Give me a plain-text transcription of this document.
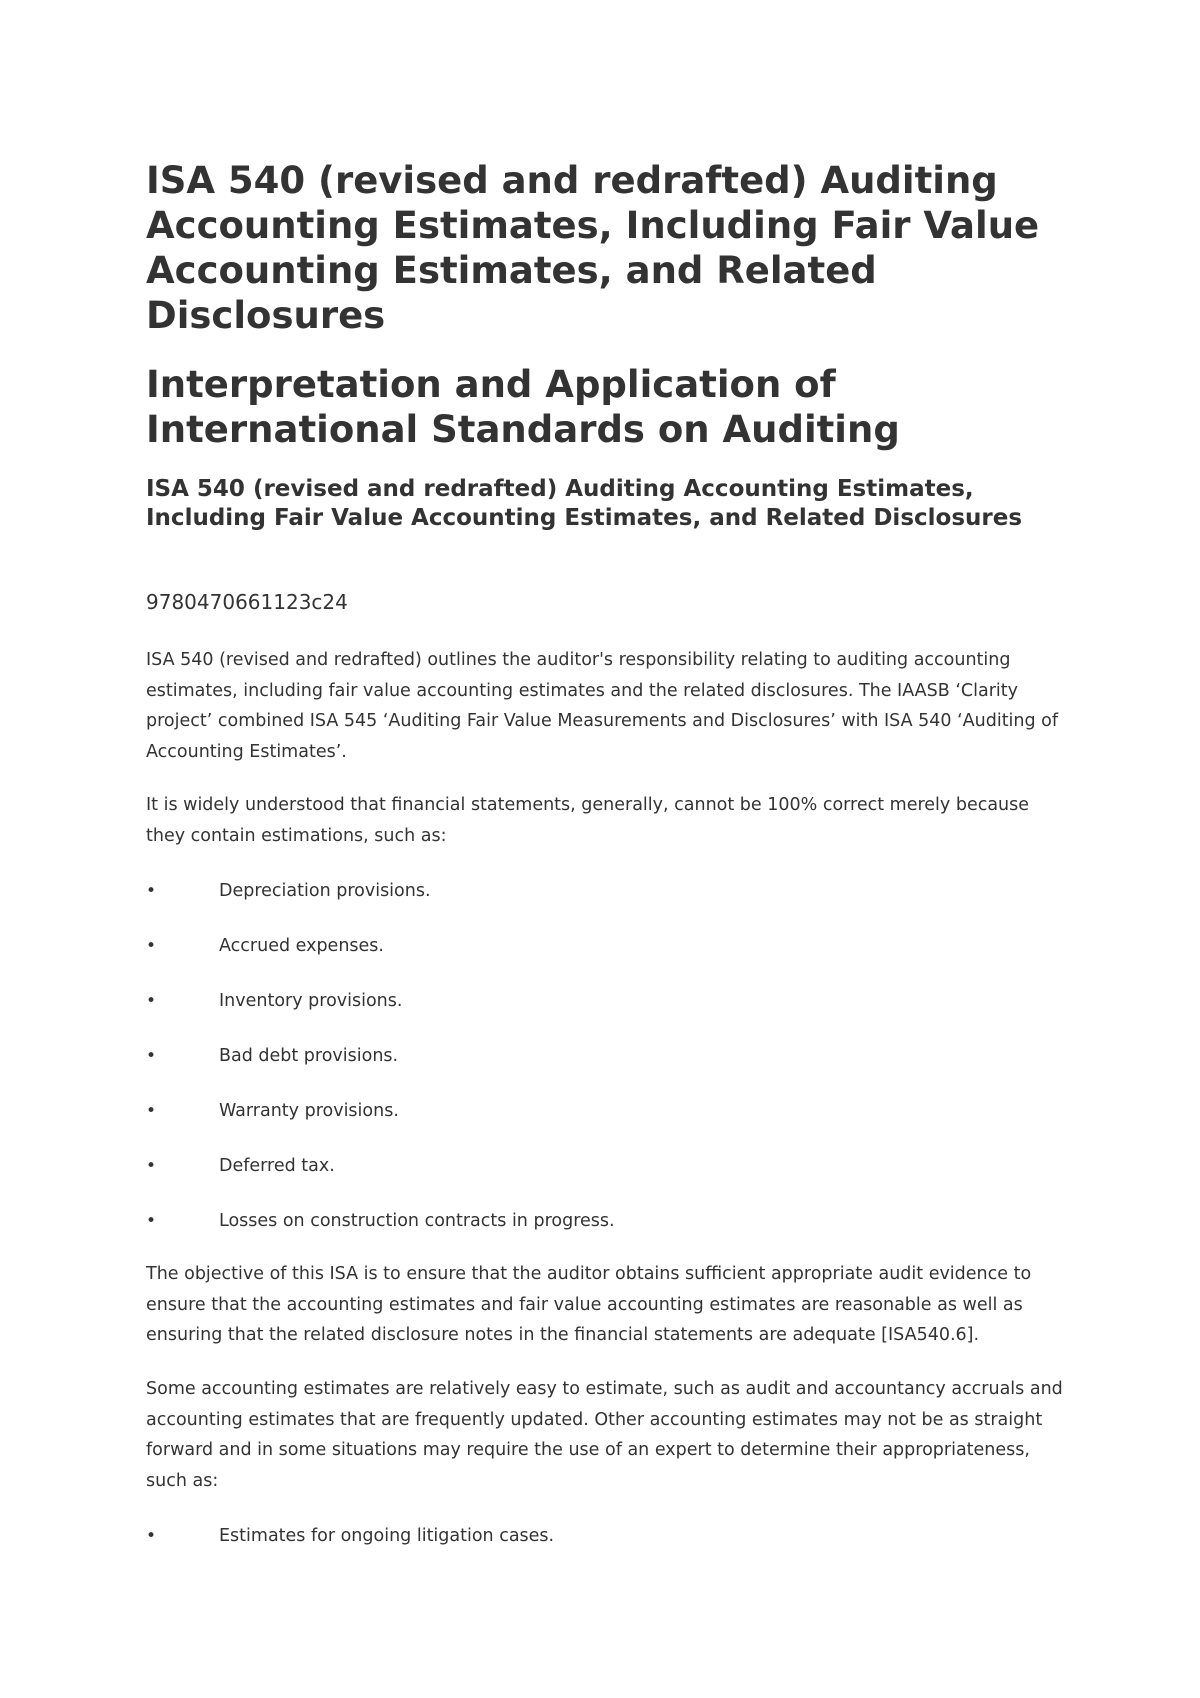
ISA 540 (revised and redrafted) Auditing Accounting Estimates, Including Fair Value Accounting Estimates, and Related Disclosures
Interpretation and Application of International Standards on Auditing
ISA 540 (revised and redrafted) Auditing Accounting Estimates, Including Fair Value Accounting Estimates, and Related Disclosures

9780470661123c24

ISA 540 (revised and redrafted) outlines the auditor's responsibility relating to auditing accounting estimates, including fair value accounting estimates and the related disclosures. The IAASB ‘Clarity project’ combined ISA 545 ‘Auditing Fair Value Measurements and Disclosures’ with ISA 540 ‘Auditing of Accounting Estimates’.

It is widely understood that financial statements, generally, cannot be 100% correct merely because they contain estimations, such as:

•	Depreciation provisions.
•	Accrued expenses.
•	Inventory provisions.
•	Bad debt provisions.
•	Warranty provisions.
•	Deferred tax.
•	Losses on construction contracts in progress.

The objective of this ISA is to ensure that the auditor obtains sufficient appropriate audit evidence to ensure that the accounting estimates and fair value accounting estimates are reasonable as well as ensuring that the related disclosure notes in the financial statements are adequate [ISA540.6].

Some accounting estimates are relatively easy to estimate, such as audit and accountancy accruals and accounting estimates that are frequently updated. Other accounting estimates may not be as straight forward and in some situations may require the use of an expert to determine their appropriateness, such as:

•	Estimates for ongoing litigation cases.
